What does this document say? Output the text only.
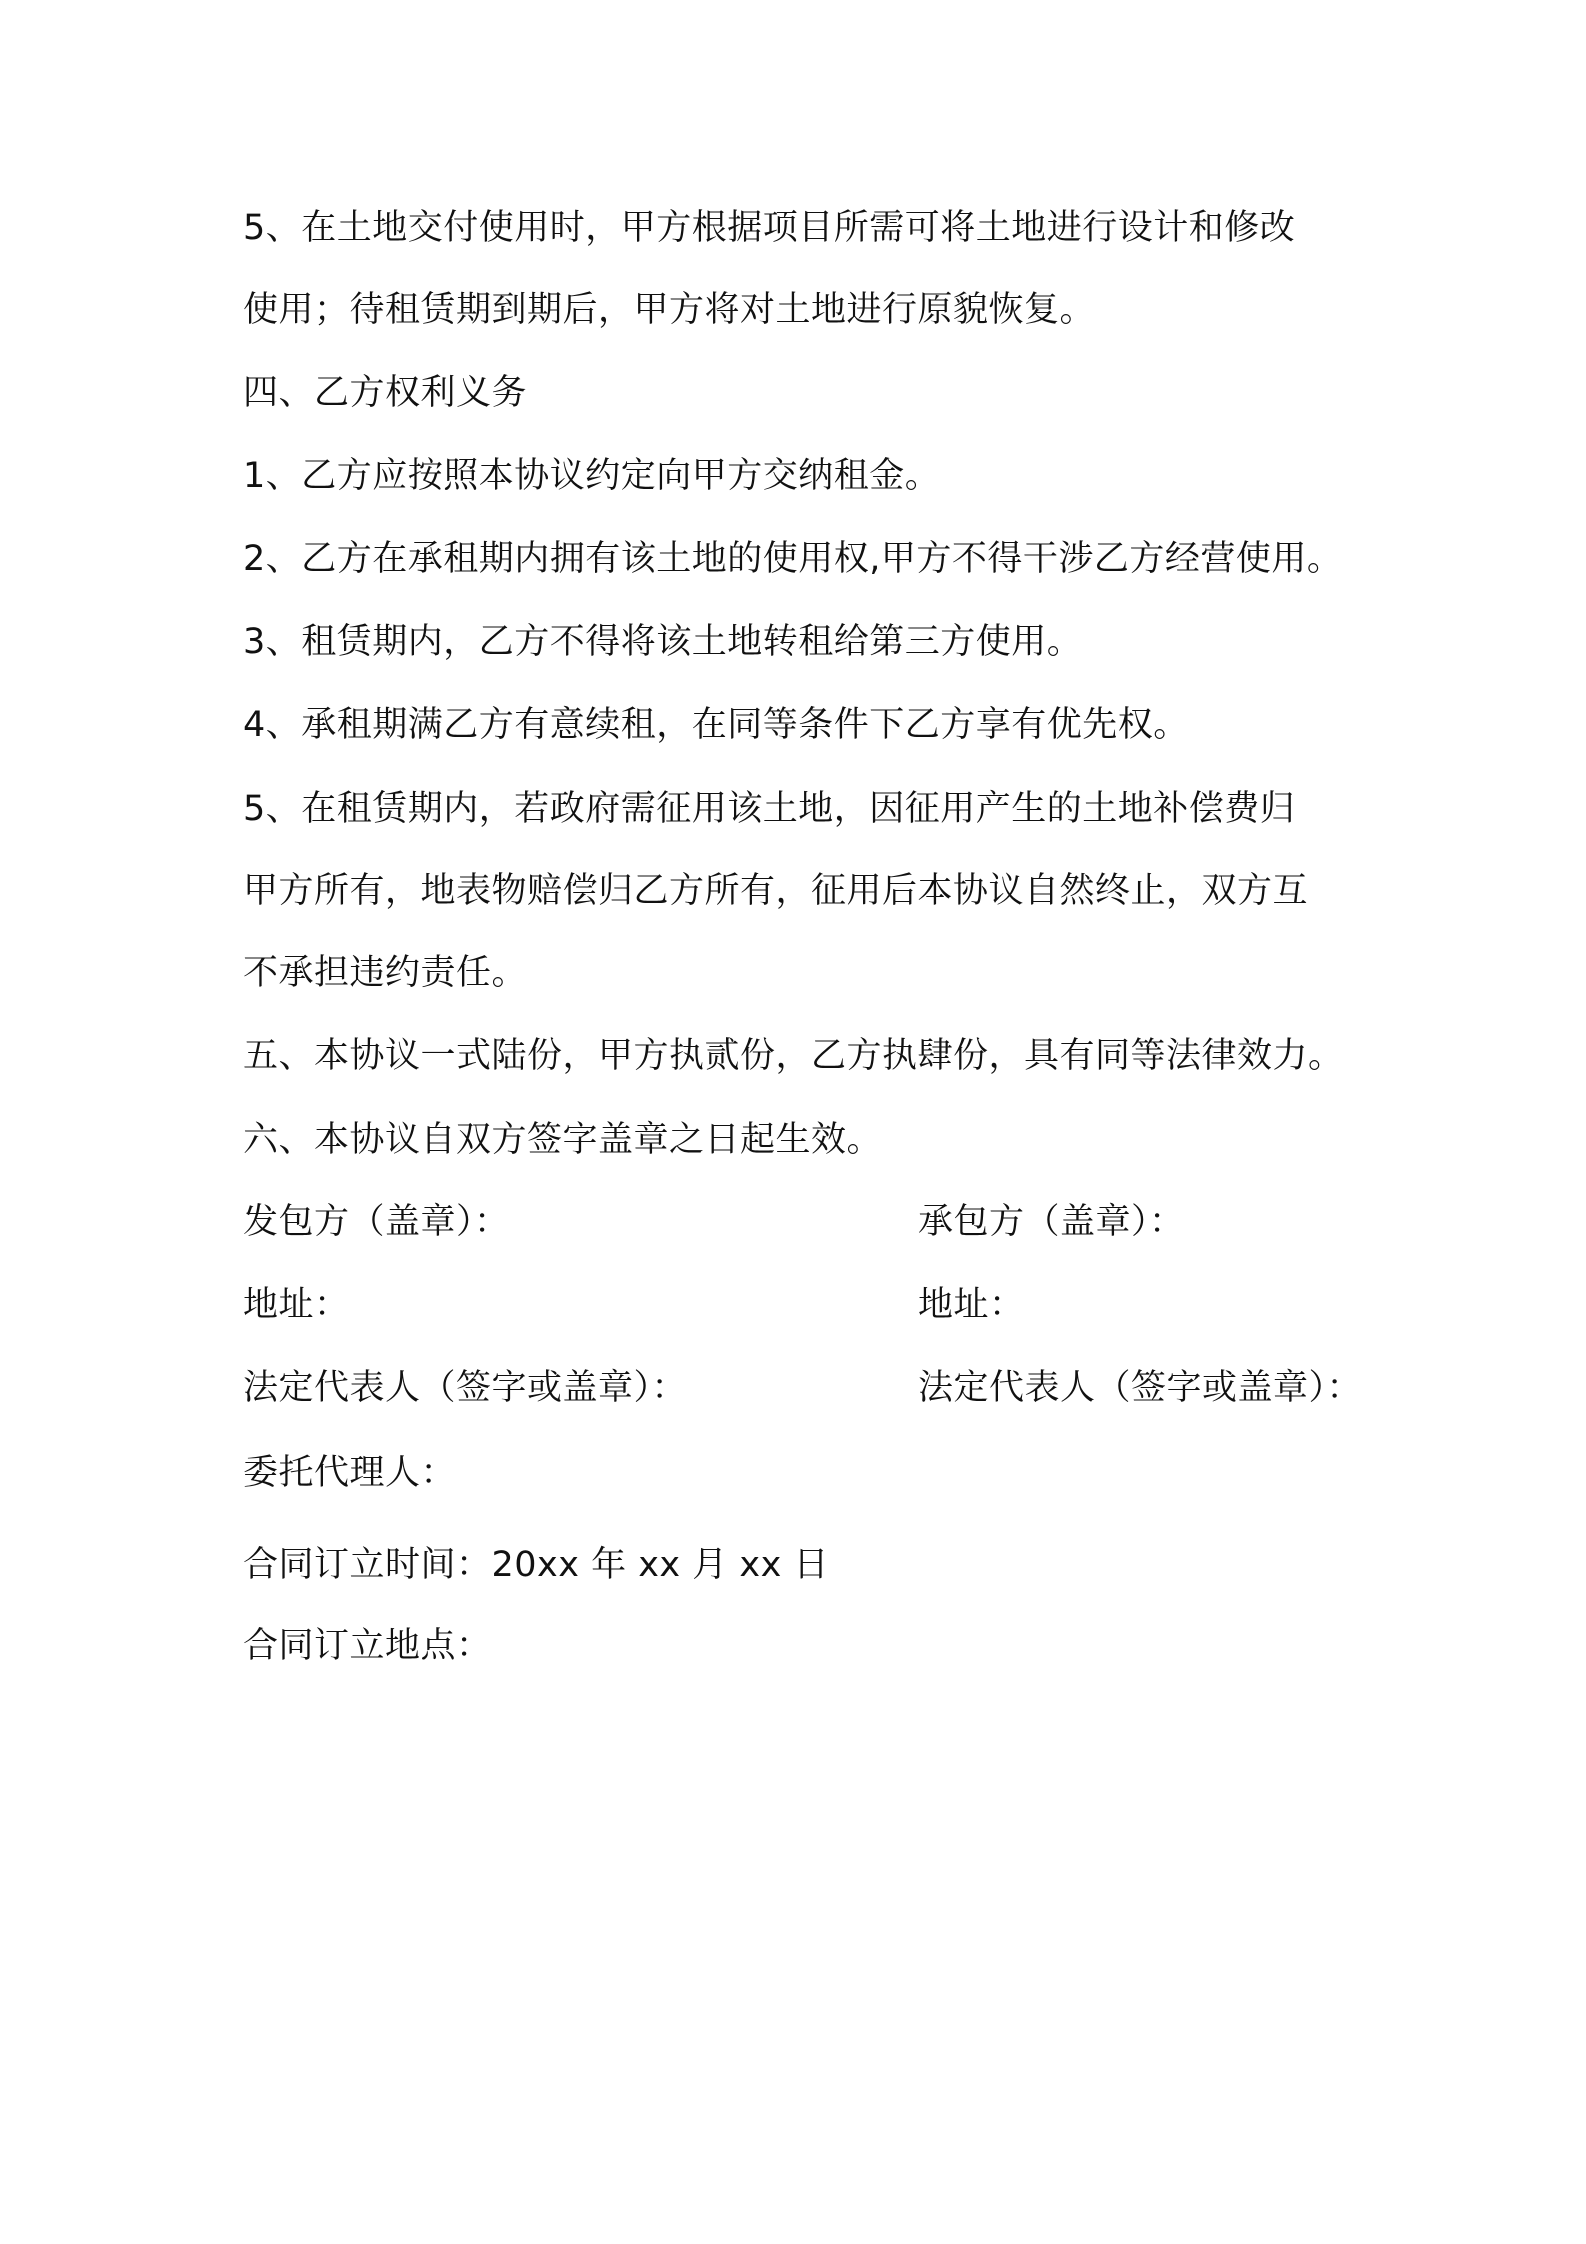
5、在土地交付使用时，甲方根据项目所需可将土地进行设计和修改
使用；待租赁期到期后，甲方将对土地进行原貌恢复。
四、乙方权利义务
1、乙方应按照本协议约定向甲方交纳租金。
2、乙方在承租期内拥有该土地的使用权,甲方不得干涉乙方经营使用。
3、租赁期内，乙方不得将该土地转租给第三方使用。
4、承租期满乙方有意续租，在同等条件下乙方享有优先权。
5、在租赁期内，若政府需征用该土地，因征用产生的土地补偿费归
甲方所有，地表物赔偿归乙方所有，征用后本协议自然终止，双方互
不承担违约责任。
五、本协议一式陆份，甲方执贰份，乙方执肆份，具有同等法律效力。
六、本协议自双方签字盖章之日起生效。
发包方（盖章）：	承包方（盖章）：
地址：	地址：
法定代表人（签字或盖章）：	法定代表人（签字或盖章）：
委托代理人：
合同订立时间：20xx 年 xx 月 xx 日
合同订立地点：
